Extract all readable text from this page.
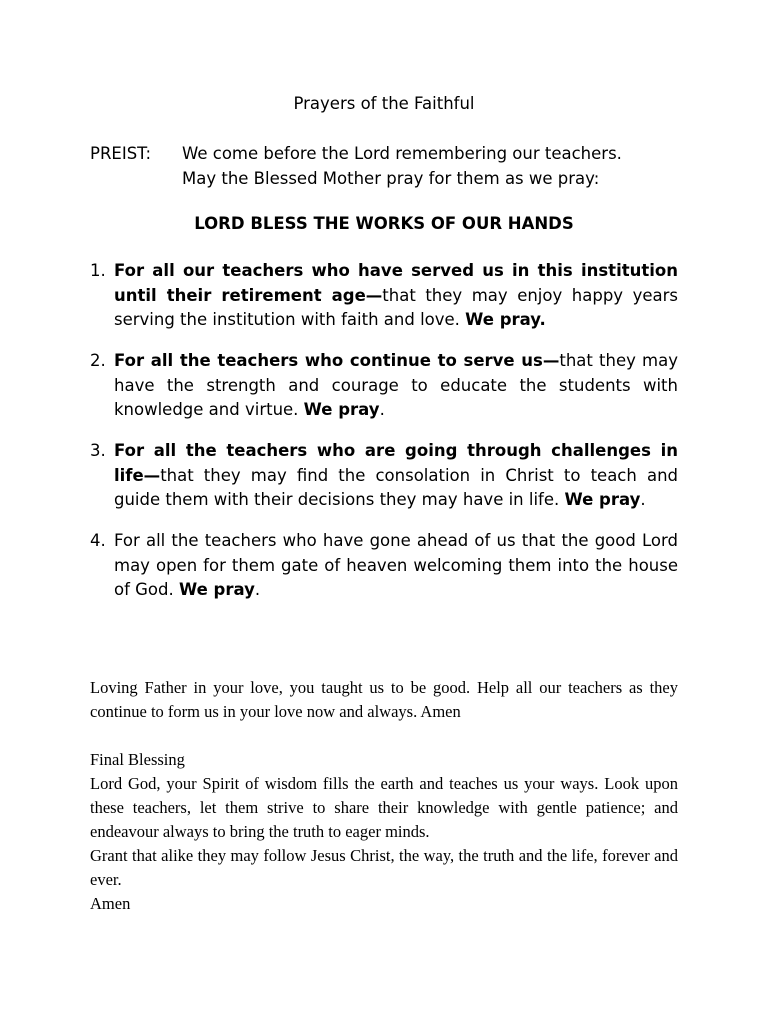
Prayers of the Faithful
PREIST: We come before the Lord remembering our teachers.
May the Blessed Mother pray for them as we pray:
LORD BLESS THE WORKS OF OUR HANDS
1. For all our teachers who have served us in this institution until their retirement age—that they may enjoy happy years serving the institution with faith and love. We pray.
2. For all the teachers who continue to serve us—that they may have the strength and courage to educate the students with knowledge and virtue. We pray.
3. For all the teachers who are going through challenges in life—that they may find the consolation in Christ to teach and guide them with their decisions they may have in life. We pray.
4. For all the teachers who have gone ahead of us that the good Lord may open for them gate of heaven welcoming them into the house of God. We pray.
Loving Father in your love, you taught us to be good. Help all our teachers as they continue to form us in your love now and always. Amen

Final Blessing

Lord God, your Spirit of wisdom fills the earth and teaches us your ways. Look upon these teachers, let them strive to share their knowledge with gentle patience; and endeavour always to bring the truth to eager minds.

Grant that alike they may follow Jesus Christ, the way, the truth and the life, forever and ever.

Amen
